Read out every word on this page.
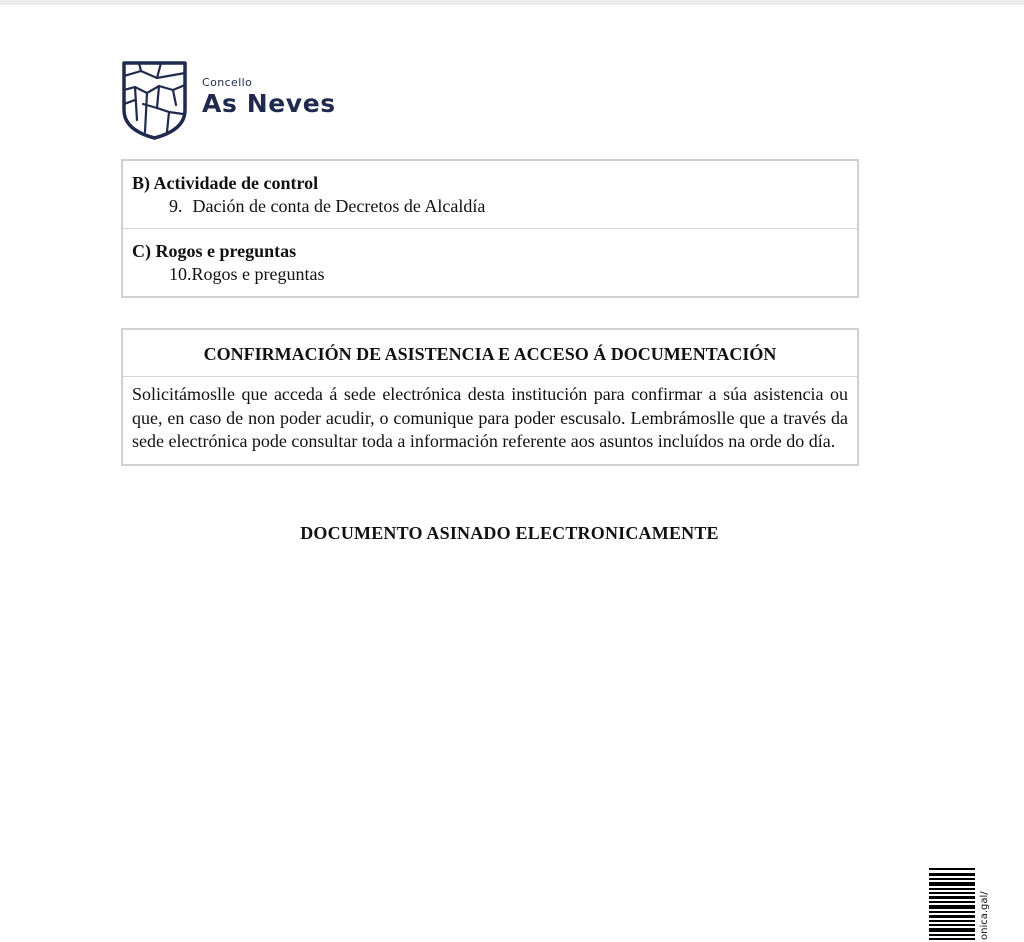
Concello
As Neves
B) Actividade de control
9. Dación de conta de Decretos de Alcaldía
C) Rogos e preguntas
10.Rogos e preguntas
CONFIRMACIÓN DE ASISTENCIA E ACCESO Á DOCUMENTACIÓN
Solicitámoslle que acceda á sede electrónica desta institución para confirmar a súa asistencia ou que, en caso de non poder acudir, o comunique para poder escusalo. Lembrámoslle que a través da sede electrónica pode consultar toda a información referente aos asuntos incluídos na orde do día.
DOCUMENTO ASINADO ELECTRONICAMENTE
onica.gal/
